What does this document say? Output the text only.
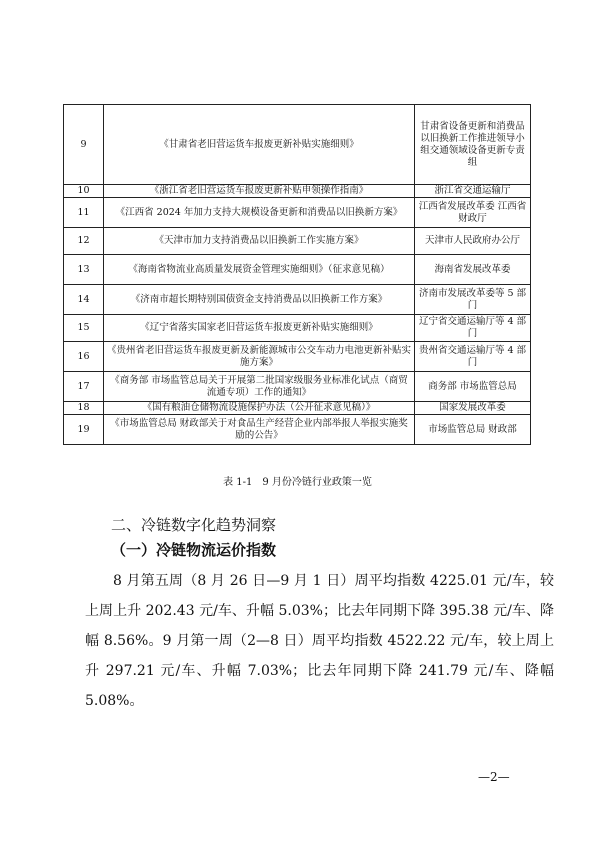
9	《甘肃省老旧营运货车报废更新补贴实施细则》	甘肃省设备更新和消费品以旧换新工作推进领导小组交通领域设备更新专责组
10	《浙江省老旧营运货车报废更新补贴申领操作指南》	浙江省交通运输厅
11	《江西省 2024 年加力支持大规模设备更新和消费品以旧换新方案》	江西省发展改革委 江西省财政厅
12	《天津市加力支持消费品以旧换新工作实施方案》	天津市人民政府办公厅
13	《海南省物流业高质量发展资金管理实施细则》（征求意见稿）	海南省发展改革委
14	《济南市超长期特别国债资金支持消费品以旧换新工作方案》	济南市发展改革委等 5 部门
15	《辽宁省落实国家老旧营运货车报废更新补贴实施细则》	辽宁省交通运输厅等 4 部门
16	《贵州省老旧营运货车报废更新及新能源城市公交车动力电池更新补贴实施方案》	贵州省交通运输厅等 4 部门
17	《商务部 市场监管总局关于开展第二批国家级服务业标准化试点（商贸流通专项）工作的通知》	商务部 市场监管总局
18	《国有粮油仓储物流设施保护办法（公开征求意见稿）》	国家发展改革委
19	《市场监管总局 财政部关于对食品生产经营企业内部举报人举报实施奖励的公告》	市场监管总局 财政部
表 1-1　9 月份冷链行业政策一览
二、冷链数字化趋势洞察
（一）冷链物流运价指数
8 月第五周（8 月 26 日—9 月 1 日）周平均指数 4225.01 元/车，较上周上升 202.43 元/车、升幅 5.03%；比去年同期下降 395.38 元/车、降幅 8.56%。9 月第一周（2—8 日）周平均指数 4522.22 元/车，较上周上升 297.21 元/车、升幅 7.03%；比去年同期下降 241.79 元/车、降幅 5.08%。
—2—
